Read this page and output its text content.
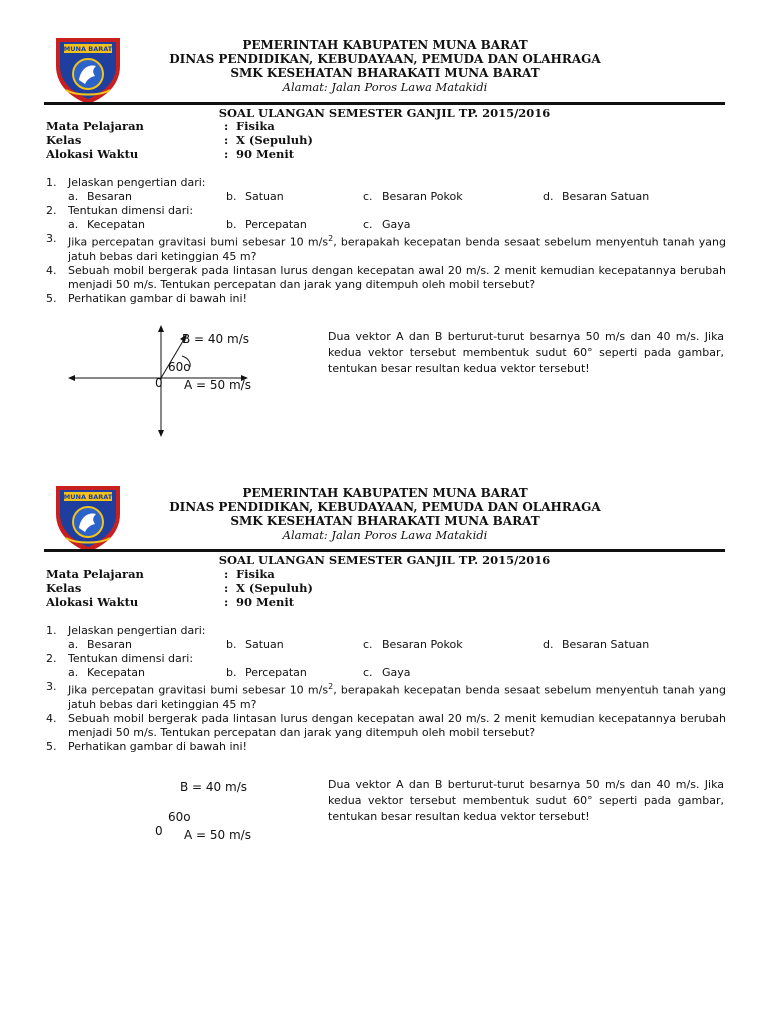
MUNA BARAT	PEMERINTAH KABUPATEN MUNA BARAT
DINAS PENDIDIKAN, KEBUDAYAAN, PEMUDA DAN OLAHRAGA
SMK KESEHATAN BHARAKATI MUNA BARAT
Alamat: Jalan Poros Lawa Matakidi
SOAL ULANGAN SEMESTER GANJIL TP. 2015/2016
Mata Pelajaran	: Fisika
Kelas	: X (Sepuluh)
Alokasi Waktu	: 90 Menit
1.	Jelaskan pengertian dari:
a. Besaran	b. Satuan	c. Besaran Pokok	d. Besaran Satuan
2.	Tentukan dimensi dari:
a. Kecepatan	b. Percepatan	c. Gaya
3.	Jika percepatan gravitasi bumi sebesar 10 $m/s^2$, berapakah kecepatan benda sesaat sebelum menyentuh tanah yang jatuh bebas dari ketinggian 45 m?
4.	Sebuah mobil bergerak pada lintasan lurus dengan kecepatan awal 20 m/s. 2 menit kemudian kecepatannya berubah menjadi 50 m/s. Tentukan percepatan dan jarak yang ditempuh oleh mobil tersebut?
5.	Perhatikan gambar di bawah ini!
B = 40 m/s
60o
0 A = 50 m/s
Dua vektor A dan B berturut-turut besarnya 50 m/s dan 40 m/s. Jika kedua vektor tersebut membentuk sudut 60° seperti pada gambar, tentukan besar resultan kedua vektor tersebut!
MUNA BARAT	PEMERINTAH KABUPATEN MUNA BARAT
DINAS PENDIDIKAN, KEBUDAYAAN, PEMUDA DAN OLAHRAGA
SMK KESEHATAN BHARAKATI MUNA BARAT
Alamat: Jalan Poros Lawa Matakidi
SOAL ULANGAN SEMESTER GANJIL TP. 2015/2016
Mata Pelajaran	: Fisika
Kelas	: X (Sepuluh)
Alokasi Waktu	: 90 Menit
1.	Jelaskan pengertian dari:
a. Besaran	b. Satuan	c. Besaran Pokok	d. Besaran Satuan
2.	Tentukan dimensi dari:
a. Kecepatan	b. Percepatan	c. Gaya
3.	Jika percepatan gravitasi bumi sebesar 10 $m/s^2$, berapakah kecepatan benda sesaat sebelum menyentuh tanah yang jatuh bebas dari ketinggian 45 m?
4.	Sebuah mobil bergerak pada lintasan lurus dengan kecepatan awal 20 m/s. 2 menit kemudian kecepatannya berubah menjadi 50 m/s. Tentukan percepatan dan jarak yang ditempuh oleh mobil tersebut?
5.	Perhatikan gambar di bawah ini!
B = 40 m/s
60o
0 A = 50 m/s
Dua vektor A dan B berturut-turut besarnya 50 m/s dan 40 m/s. Jika kedua vektor tersebut membentuk sudut 60° seperti pada gambar, tentukan besar resultan kedua vektor tersebut!
